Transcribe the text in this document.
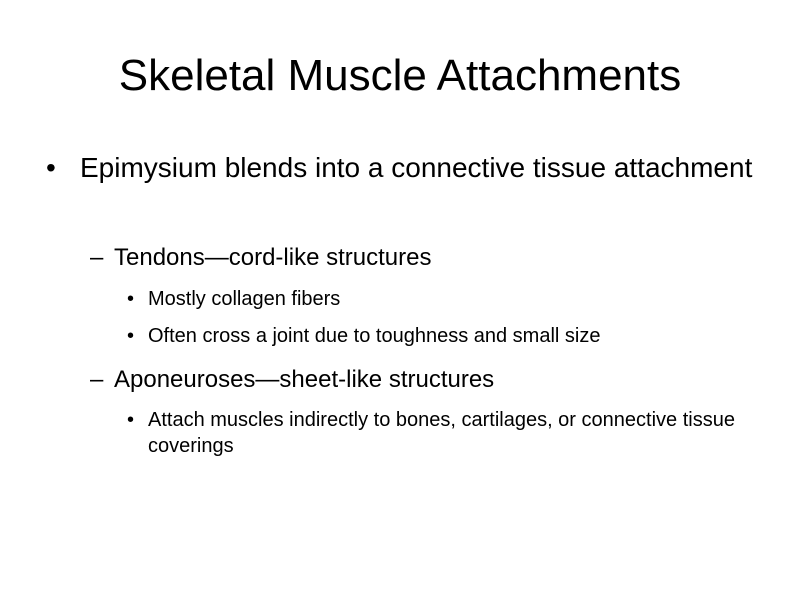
Skeletal Muscle Attachments
• Epimysium blends into a connective tissue attachment
– Tendons—cord-like structures
• Mostly collagen fibers
• Often cross a joint due to toughness and small size
– Aponeuroses—sheet-like structures
• Attach muscles indirectly to bones, cartilages, or connective tissue coverings
